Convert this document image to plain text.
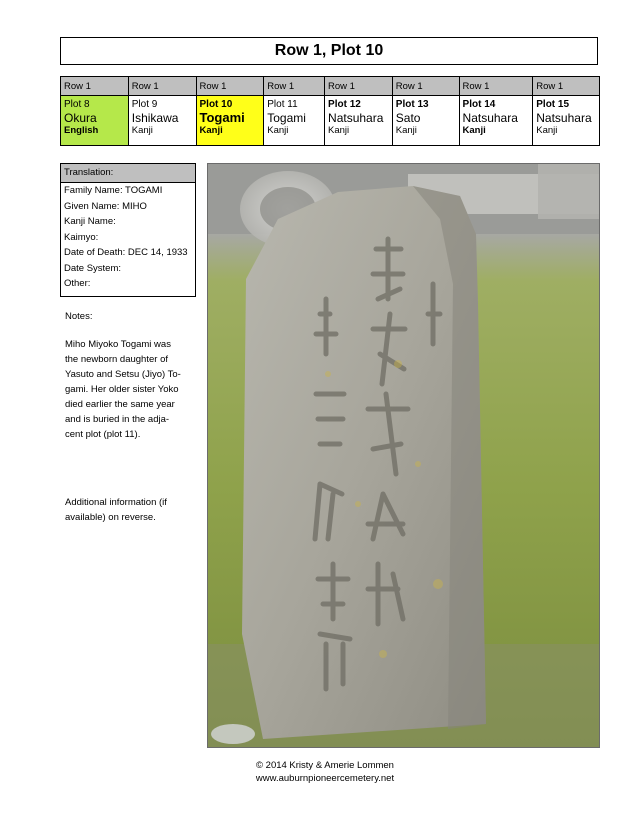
Row 1, Plot 10
Row 1
Plot 8
Okura
English
Row 1
Plot 9
Ishikawa
Kanji
Row 1
Plot 10
Togami
Kanji
Row 1
Plot 11
Togami
Kanji
Row 1
Plot 12
Natsuhara
Kanji
Row 1
Plot 13
Sato
Kanji
Row 1
Plot 14
Natsuhara
Kanji
Row 1
Plot 15
Natsuhara
Kanji
Translation:
Family Name: TOGAMI
Given Name: MIHO
Kanji Name:
Kaimyo:
Date of Death: DEC 14, 1933
Date System:
Other:

Notes:

Miho Miyoko Togami was

the newborn daughter of

Yasuto and Setsu (Jiyo) To-

gami. Her older sister Yoko

died earlier the same year

and is buried in the adja-

cent plot (plot 11).

Additional information (if

available) on reverse.

© 2014 Kristy & Amerie Lommen
www.auburnpioneercemetery.net
